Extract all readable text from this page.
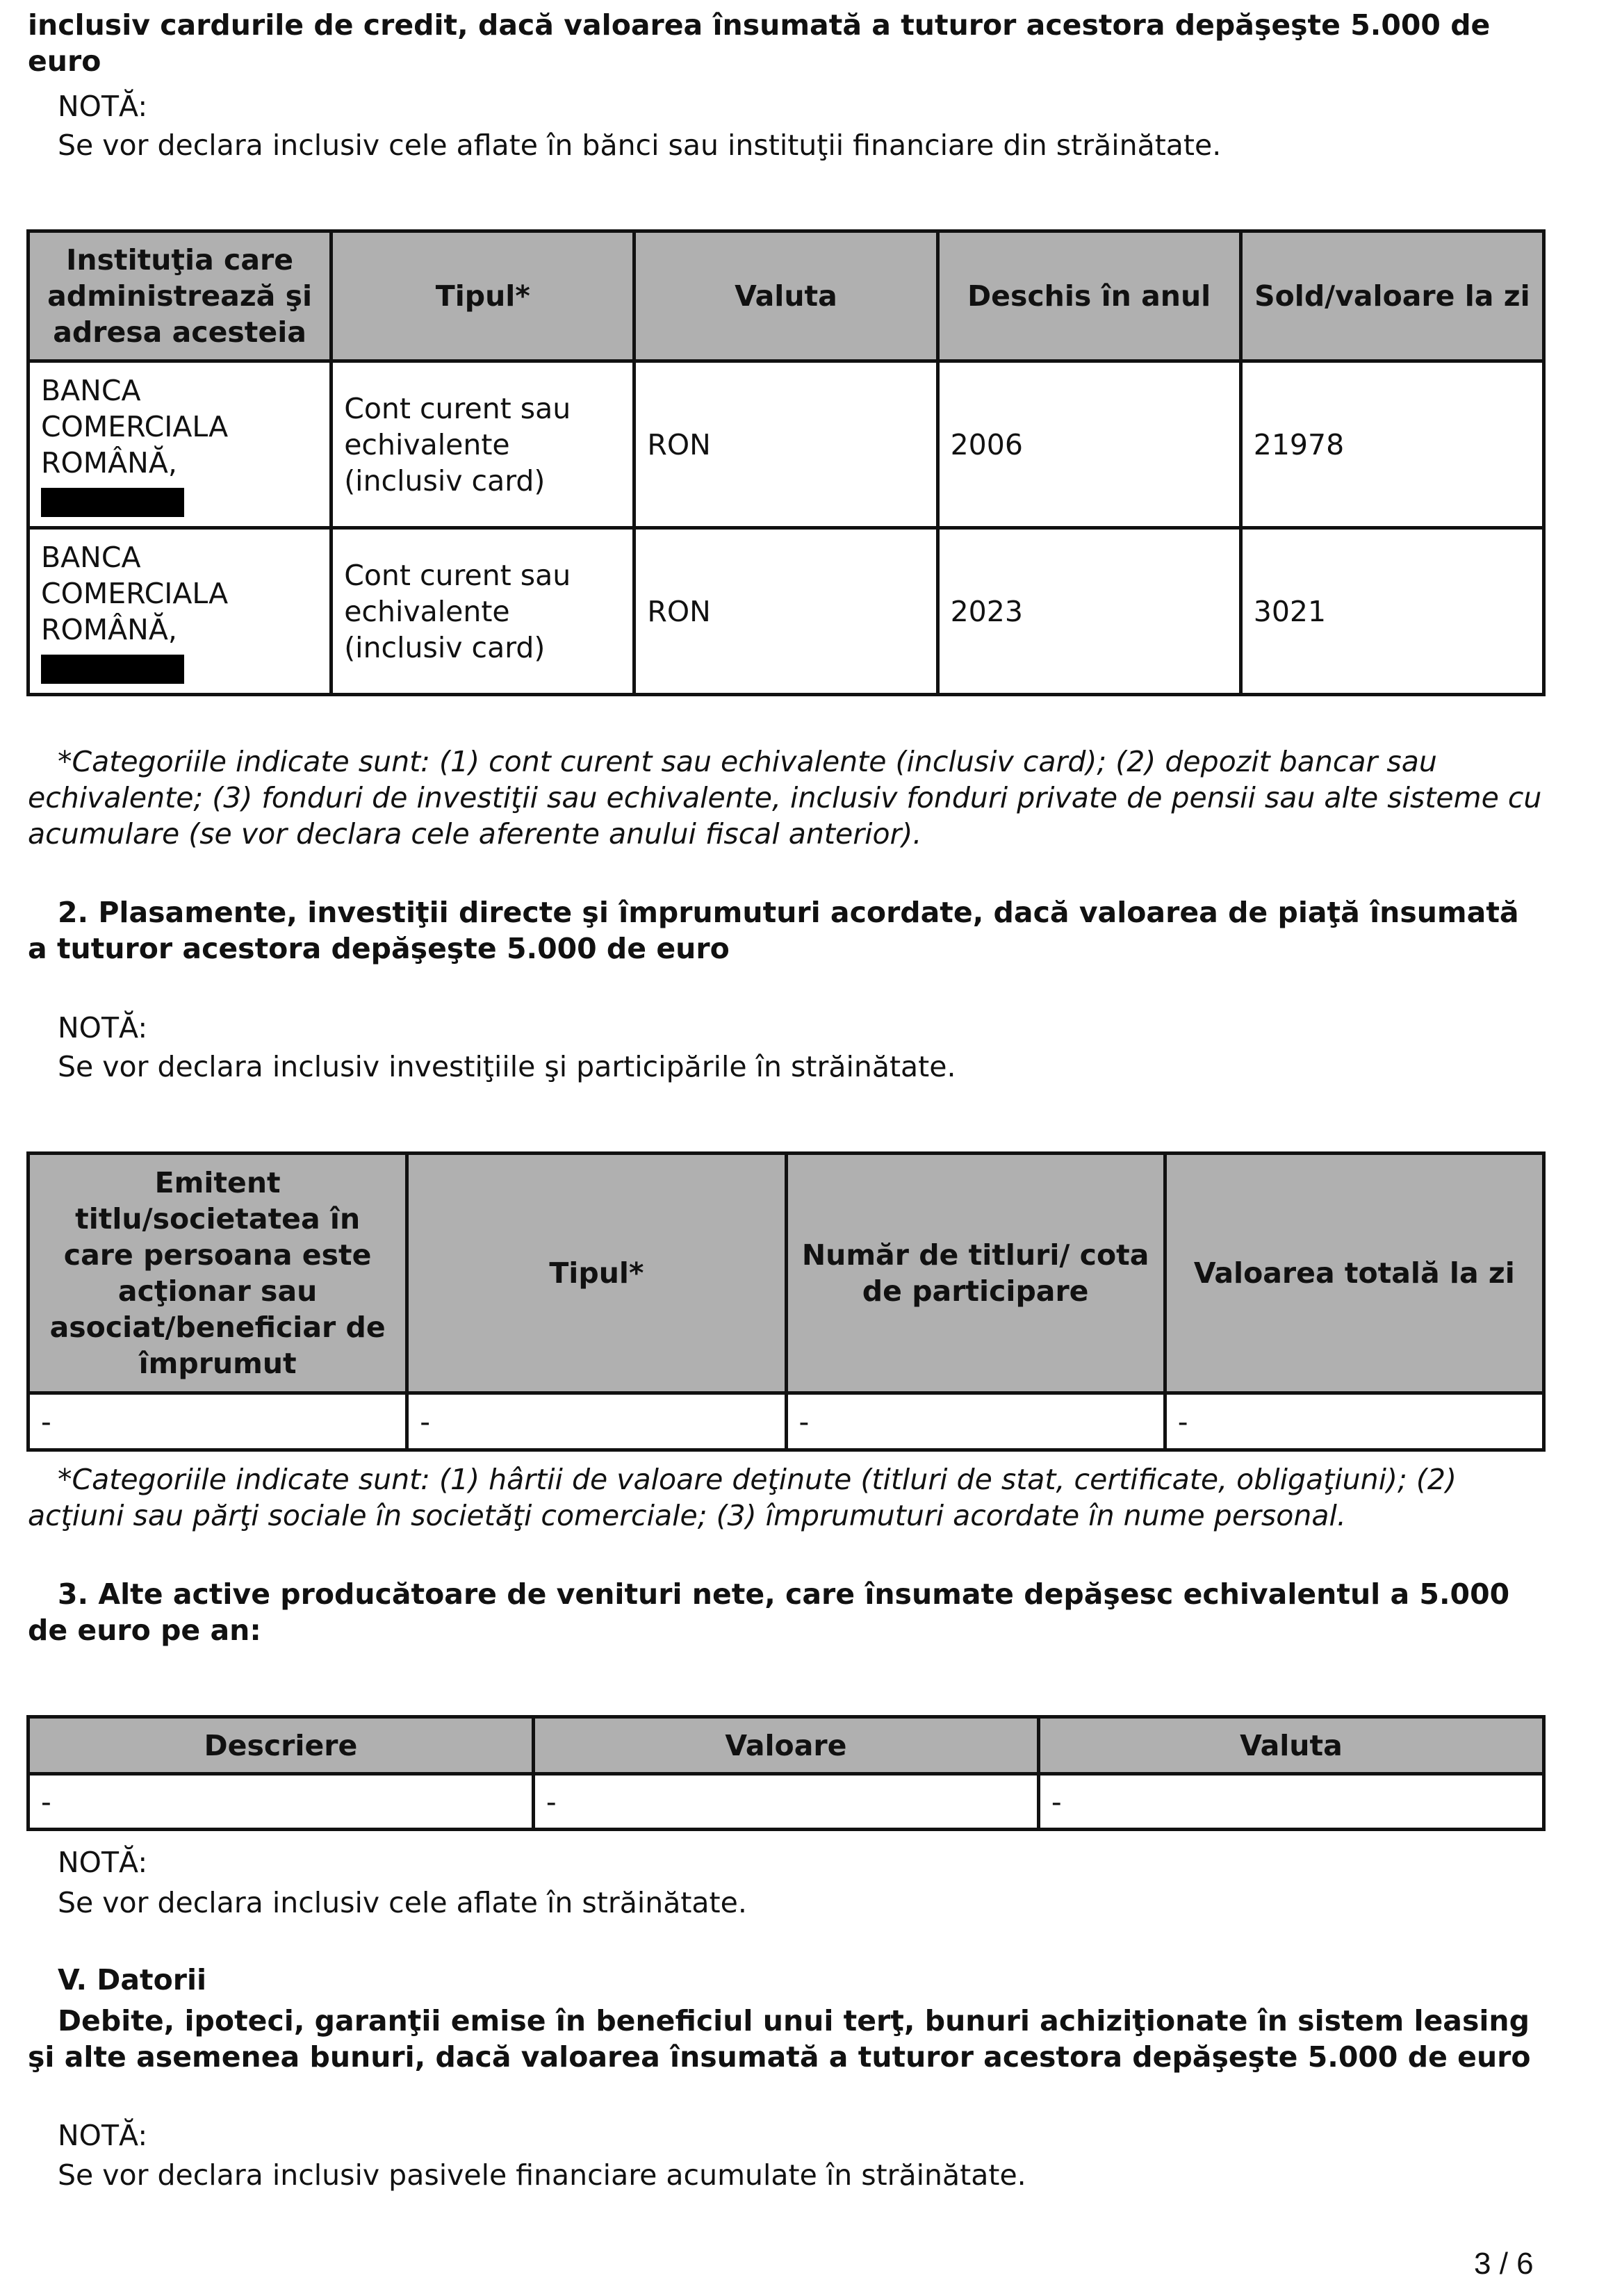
inclusiv cardurile de credit, dacă valoarea însumată a tuturor acestora depăşeşte 5.000 de euro

NOTĂ:

Se vor declara inclusiv cele aflate în bănci sau instituţii financiare din străinătate.

Instituţia care administrează şi adresa acesteia	Tipul*	Valuta	Deschis în anul	Sold/valoare la zi
BANCA COMERCIALA ROMÂNĂ,	Cont curent sau echivalente (inclusiv card)	RON	2006	21978
BANCA COMERCIALA ROMÂNĂ,	Cont curent sau echivalente (inclusiv card)	RON	2023	3021

*Categoriile indicate sunt: (1) cont curent sau echivalente (inclusiv card); (2) depozit bancar sau echivalente; (3) fonduri de investiţii sau echivalente, inclusiv fonduri private de pensii sau alte sisteme cu acumulare (se vor declara cele aferente anului fiscal anterior).

2. Plasamente, investiţii directe şi împrumuturi acordate, dacă valoarea de piaţă însumată a tuturor acestora depăşeşte 5.000 de euro

NOTĂ:

Se vor declara inclusiv investiţiile şi participările în străinătate.

Emitent titlu/societatea în care persoana este acţionar sau asociat/beneficiar de împrumut	Tipul*	Număr de titluri/ cota de participare	Valoarea totală la zi
-	-	-	-

*Categoriile indicate sunt: (1) hârtii de valoare deţinute (titluri de stat, certificate, obligaţiuni); (2) acţiuni sau părţi sociale în societăţi comerciale; (3) împrumuturi acordate în nume personal.

3. Alte active producătoare de venituri nete, care însumate depăşesc echivalentul a 5.000 de euro pe an:

Descriere	Valoare	Valuta
-	-	-

NOTĂ:

Se vor declara inclusiv cele aflate în străinătate.

V. Datorii

Debite, ipoteci, garanţii emise în beneficiul unui terţ, bunuri achiziţionate în sistem leasing şi alte asemenea bunuri, dacă valoarea însumată a tuturor acestora depăşeşte 5.000 de euro

NOTĂ:

Se vor declara inclusiv pasivele financiare acumulate în străinătate.

3 / 6
